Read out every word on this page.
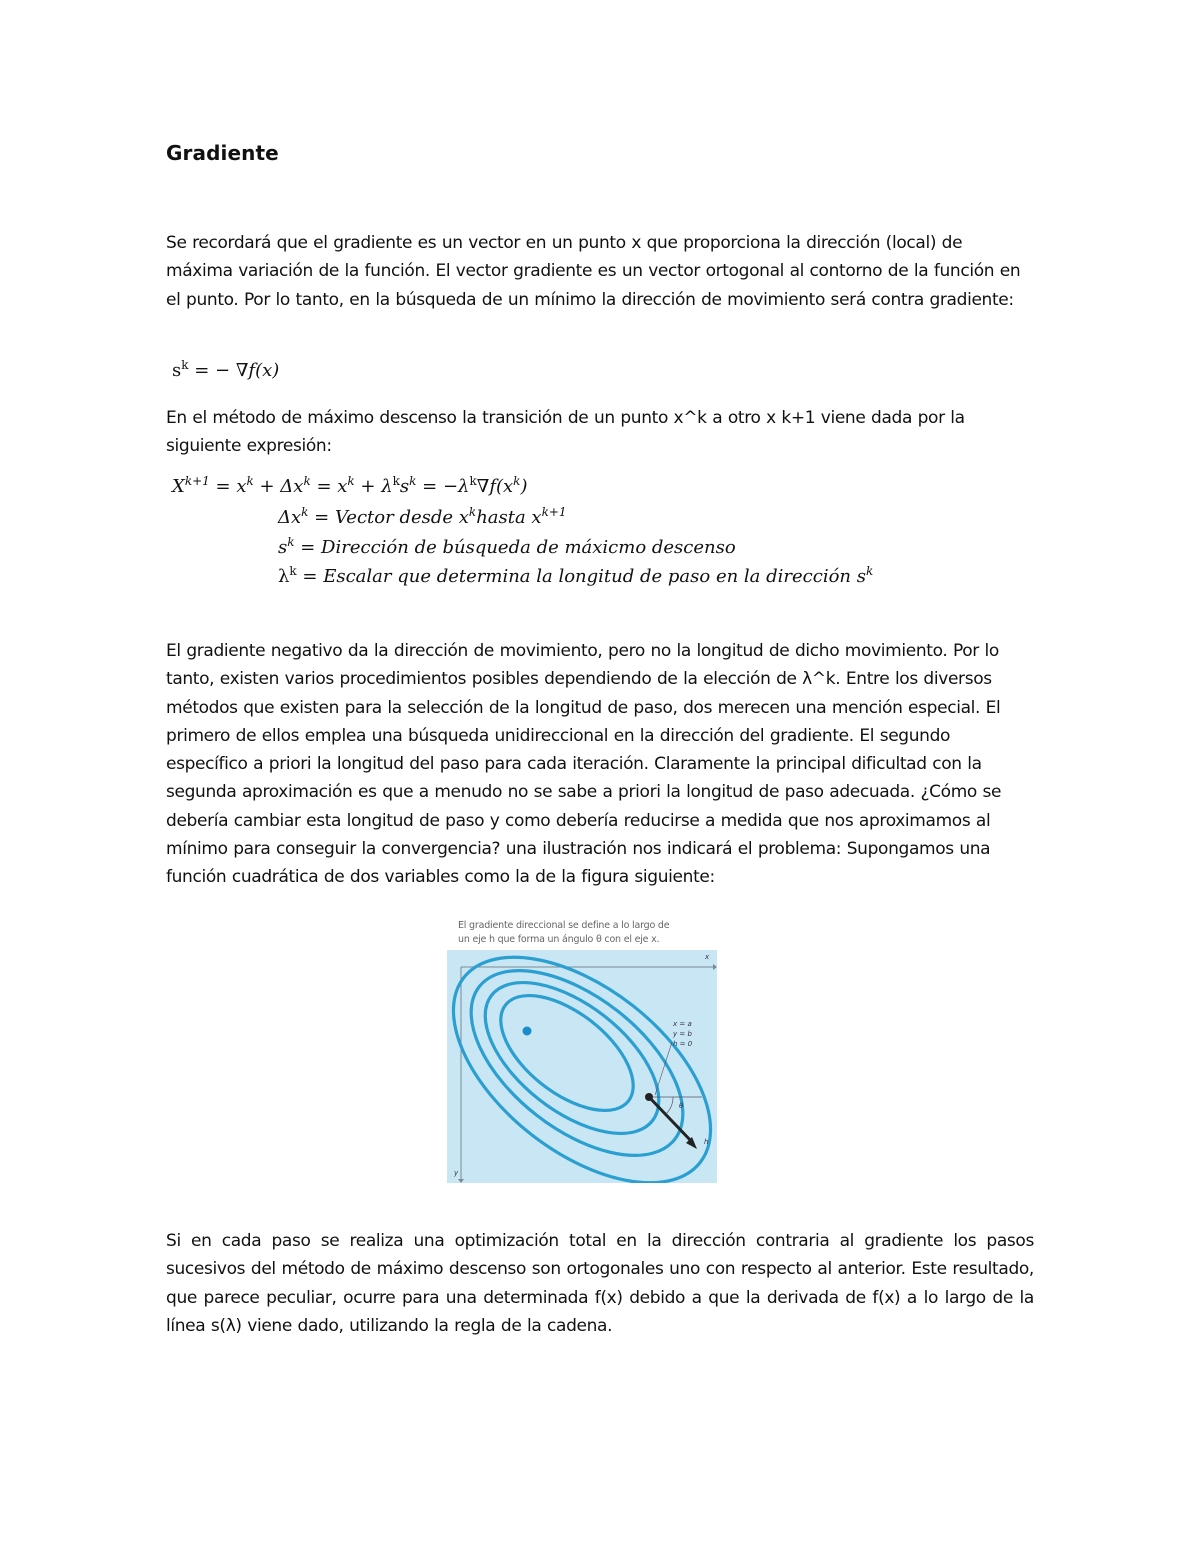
Gradiente

Se recordará que el gradiente es un vector en un punto x que proporciona la dirección (local) de máxima variación de la función. El vector gradiente es un vector ortogonal al contorno de la función en el punto. Por lo tanto, en la búsqueda de un mínimo la dirección de movimiento será contra gradiente:

$s^k$ = − ∇f(x)

En el método de máximo descenso la transición de un punto x^k a otro x k+1 viene dada por la siguiente expresión:

$X^{k+1} = x^k + \Delta x^k = x^k + \lambda^ks^k = -\lambda^k\nabla f(x^k)$
$\Delta x^k$ = Vector desde $x^khasta$ $x^{k+1}$
$s^k$ = Dirección de búsqueda de máxicmo descenso
$\lambda^k$ = Escalar que determina la longitud de paso en la dirección $s^k$

El gradiente negativo da la dirección de movimiento, pero no la longitud de dicho movimiento. Por lo tanto, existen varios procedimientos posibles dependiendo de la elección de λ^k. Entre los diversos métodos que existen para la selección de la longitud de paso, dos merecen una mención especial. El primero de ellos emplea una búsqueda unidireccional en la dirección del gradiente. El segundo específico a priori la longitud del paso para cada iteración. Claramente la principal dificultad con la segunda aproximación es que a menudo no se sabe a priori la longitud de paso adecuada. ¿Cómo se debería cambiar esta longitud de paso y como debería reducirse a medida que nos aproximamos al mínimo para conseguir la convergencia? una ilustración nos indicará el problema: Supongamos una función cuadrática de dos variables como la de la figura siguiente:

El gradiente direccional se define a lo largo de
un eje h que forma un ángulo θ con el eje x.
x
y
x = a
y = b
h = 0
θ
h

Si en cada paso se realiza una optimización total en la dirección contraria al gradiente los pasos sucesivos del método de máximo descenso son ortogonales uno con respecto al anterior. Este resultado, que parece peculiar, ocurre para una determinada f(x) debido a que la derivada de f(x) a lo largo de la línea s(λ) viene dado, utilizando la regla de la cadena.
